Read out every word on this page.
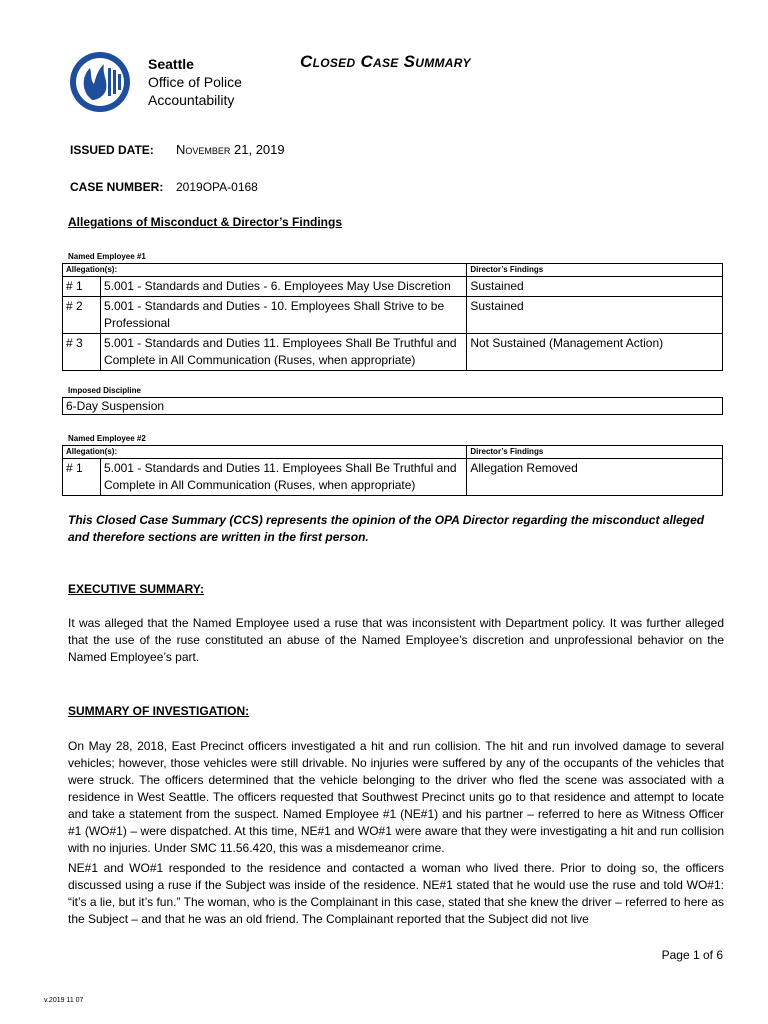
Seattle
Office of Police
Accountability
Closed Case Summary
ISSUED DATE: November 21, 2019
CASE NUMBER: 2019OPA-0168
Allegations of Misconduct & Director’s Findings
Named Employee #1
Allegation(s):		Director’s Findings
# 1	5.001 - Standards and Duties - 6. Employees May Use Discretion	Sustained
# 2	5.001 - Standards and Duties - 10. Employees Shall Strive to be Professional	Sustained
# 3	5.001 - Standards and Duties 11. Employees Shall Be Truthful and Complete in All Communication (Ruses, when appropriate)	Not Sustained (Management Action)
Imposed Discipline
6-Day Suspension
Named Employee #2
Allegation(s):		Director’s Findings
# 1	5.001 - Standards and Duties 11. Employees Shall Be Truthful and Complete in All Communication (Ruses, when appropriate)	Allegation Removed
This Closed Case Summary (CCS) represents the opinion of the OPA Director regarding the misconduct alleged and therefore sections are written in the first person.
EXECUTIVE SUMMARY:
It was alleged that the Named Employee used a ruse that was inconsistent with Department policy. It was further alleged that the use of the ruse constituted an abuse of the Named Employee’s discretion and unprofessional behavior on the Named Employee’s part.
SUMMARY OF INVESTIGATION:
On May 28, 2018, East Precinct officers investigated a hit and run collision. The hit and run involved damage to several vehicles; however, those vehicles were still drivable. No injuries were suffered by any of the occupants of the vehicles that were struck. The officers determined that the vehicle belonging to the driver who fled the scene was associated with a residence in West Seattle. The officers requested that Southwest Precinct units go to that residence and attempt to locate and take a statement from the suspect. Named Employee #1 (NE#1) and his partner – referred to here as Witness Officer #1 (WO#1) – were dispatched. At this time, NE#1 and WO#1 were aware that they were investigating a hit and run collision with no injuries. Under SMC 11.56.420, this was a misdemeanor crime.
NE#1 and WO#1 responded to the residence and contacted a woman who lived there. Prior to doing so, the officers discussed using a ruse if the Subject was inside of the residence. NE#1 stated that he would use the ruse and told WO#1: “it’s a lie, but it’s fun.” The woman, who is the Complainant in this case, stated that she knew the driver – referred to here as the Subject – and that he was an old friend. The Complainant reported that the Subject did not live
v.2019 11 07
Page 1 of 6
